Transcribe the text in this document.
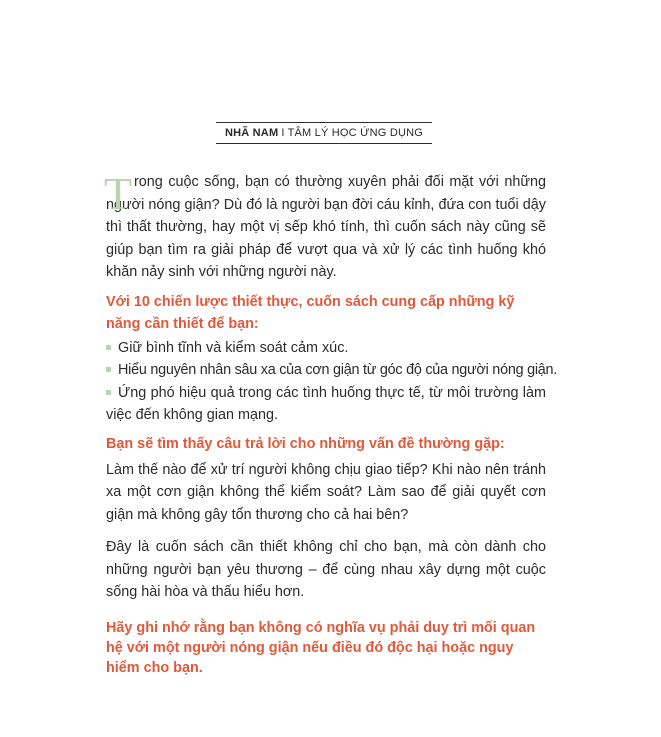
NHÃ NAM I TÂM LÝ HỌC ỨNG DỤNG

T rong cuộc sống, bạn có thường xuyên phải đối mặt với những người nóng giận? Dù đó là người bạn đời cáu kỉnh, đứa con tuổi dậy thì thất thường, hay một vị sếp khó tính, thì cuốn sách này cũng sẽ giúp bạn tìm ra giải pháp để vượt qua và xử lý các tình huống khó khăn nảy sinh với những người này.

Với 10 chiến lược thiết thực, cuốn sách cung cấp những kỹ năng cần thiết để bạn:

Giữ bình tĩnh và kiểm soát cảm xúc.
Hiểu nguyên nhân sâu xa của cơn giận từ góc độ của người nóng giận.
Ứng phó hiệu quả trong các tình huống thực tế, từ môi trường làm việc đến không gian mạng.

Bạn sẽ tìm thấy câu trả lời cho những vấn đề thường gặp:

Làm thế nào để xử trí người không chịu giao tiếp? Khi nào nên tránh xa một cơn giận không thể kiểm soát? Làm sao để giải quyết cơn giận mà không gây tổn thương cho cả hai bên?

Đây là cuốn sách cần thiết không chỉ cho bạn, mà còn dành cho những người bạn yêu thương – để cùng nhau xây dựng một cuộc sống hài hòa và thấu hiểu hơn.

Hãy ghi nhớ rằng bạn không có nghĩa vụ phải duy trì mối quan hệ với một người nóng giận nếu điều đó độc hại hoặc nguy hiểm cho bạn.
